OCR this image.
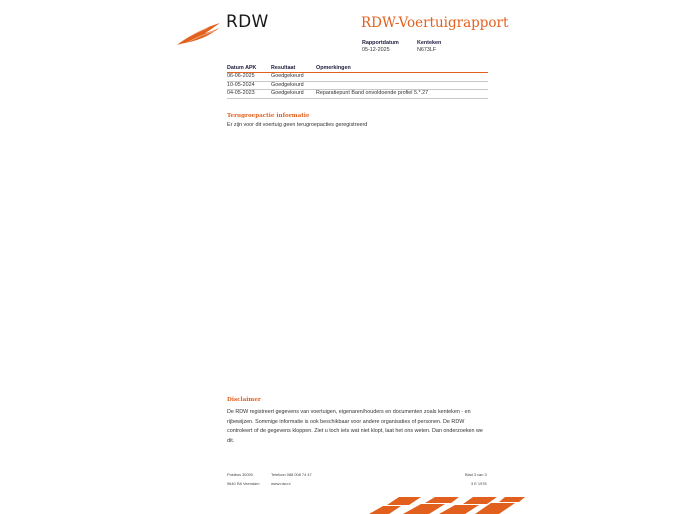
RDW	RDW-Voertuigrapport
Rapportdatum
05-12-2025
Kenteken
N673LF
Datum APK	Resultaat	Opmerkingen
06-06-2025	Goedgekeurd
10-05-2024	Goedgekeurd
04-05-2023	Goedgekeurd Reparatiepunt Band onvoldoende profiel 5.*.27
Terugroepactie informatie
Er zijn voor dit voertuig geen terugroepacties geregistreerd
Disclaimer
De RDW registreert gegevens van voertuigen, eigenaren/houders en documenten zoals kenteken - en rijbewijzen. Sommige informatie is ook beschikbaar voor andere organisaties of personen. De RDW controleert of de gegevens kloppen. Ziet u toch iets wat niet klopt, laat het ons weten. Dan onderzoeken we dit.
Postbus 30000
9640 RA Veendam
Telefoon 088 008 74 47
www.rdw.nl
Blad 3 van 3
3 E 1978
